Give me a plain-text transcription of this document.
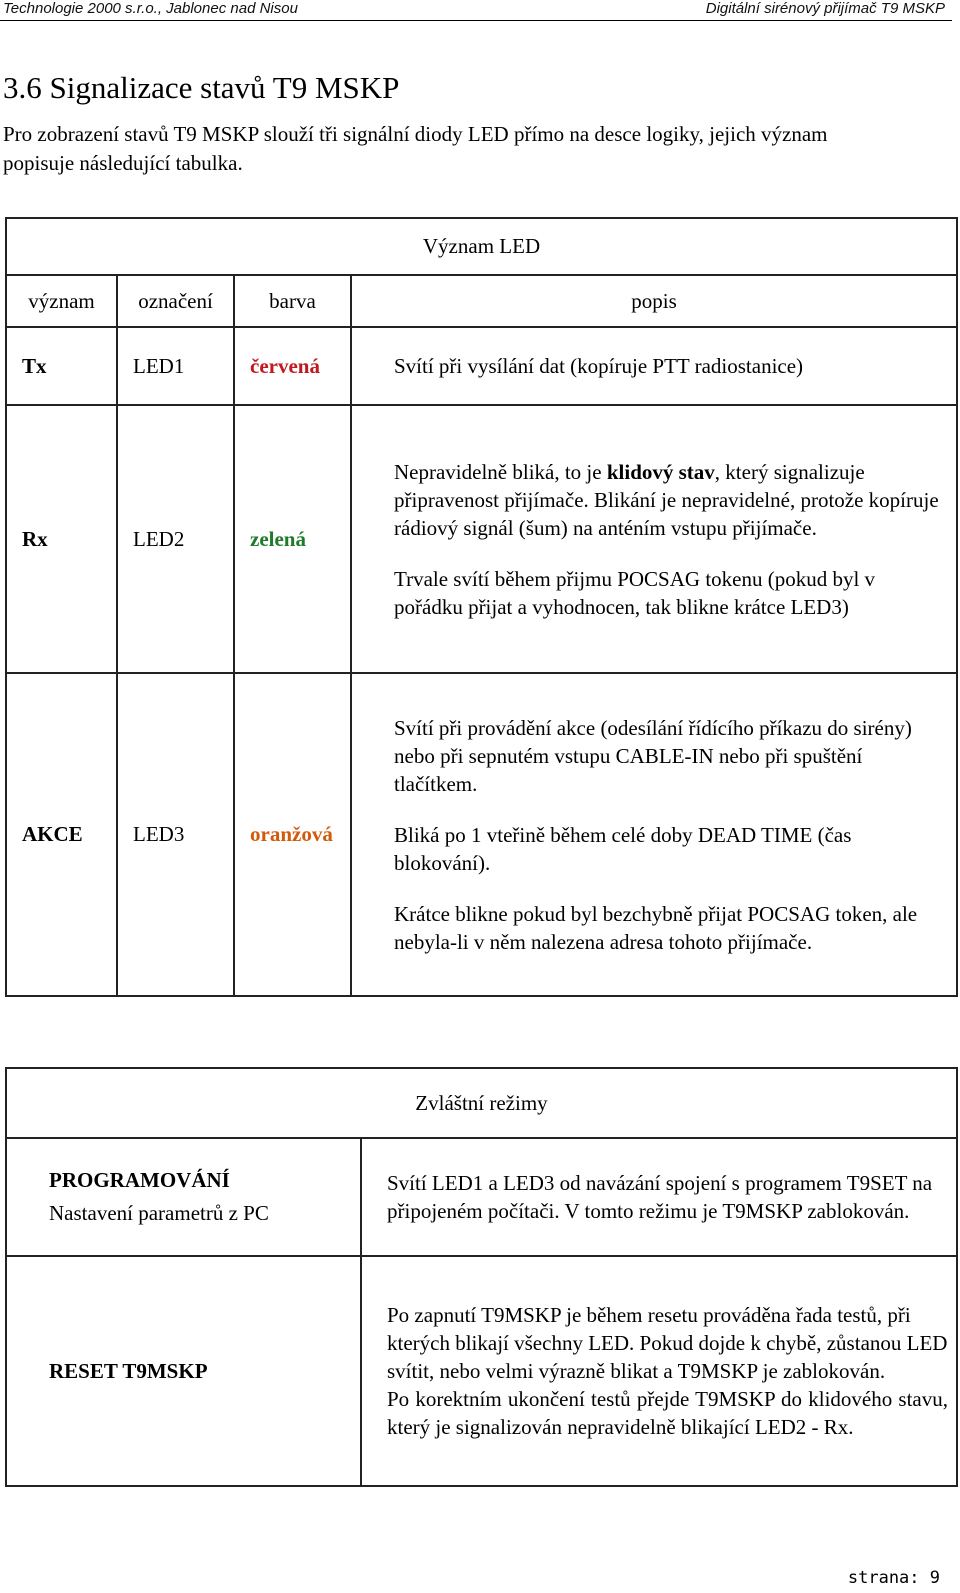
Technologie 2000 s.r.o., Jablonec nad Nisou	Digitální sirénový přijímač T9 MSKP
3.6 Signalizace stavů T9 MSKP

Pro zobrazení stavů T9 MSKP slouží tři signální diody LED přímo na desce logiky, jejich význam popisuje následující tabulka.

Význam LED			
význam	označení	barva	popis
Tx	LED1	červená	Svítí při vysílání dat (kopíruje PTT radiostanice)
Rx	LED2	zelená	Nepravidelně bliká, to je klidový stav, který signalizuje připravenost přijímače. Blikání je nepravidelné, protože kopíruje rádiový signál (šum) na anténím vstupu přijímače.

Trvale svítí během přijmu POCSAG tokenu (pokud byl v pořádku přijat a vyhodnocen, tak blikne krátce LED3)

AKCE	LED3	oranžová	Svítí při provádění akce (odesílání řídícího příkazu do sirény) nebo při sepnutém vstupu CABLE-IN nebo při spuštění tlačítkem.

Bliká po 1 vteřině během celé doby DEAD TIME (čas blokování).

Krátce blikne pokud byl bezchybně přijat POCSAG token, ale nebyla-li v něm nalezena adresa tohoto přijímače.

Zvláštní režimy	

PROGRAMOVÁNÍ
Nastavení parametrů z PC	Svítí LED1 a LED3 od navázání spojení s programem T9SET na připojeném počítači. V tomto režimu je T9MSKP zablokován.
RESET T9MSKP	Po zapnutí T9MSKP je během resetu prováděna řada testů, při kterých blikají všechny LED. Pokud dojde k chybě, zůstanou LED svítit, nebo velmi výrazně blikat a T9MSKP je zablokován.

Po korektním ukončení testů přejde T9MSKP do klidového stavu, který je signalizován nepravidelně blikající LED2 - Rx.

strana: 9
